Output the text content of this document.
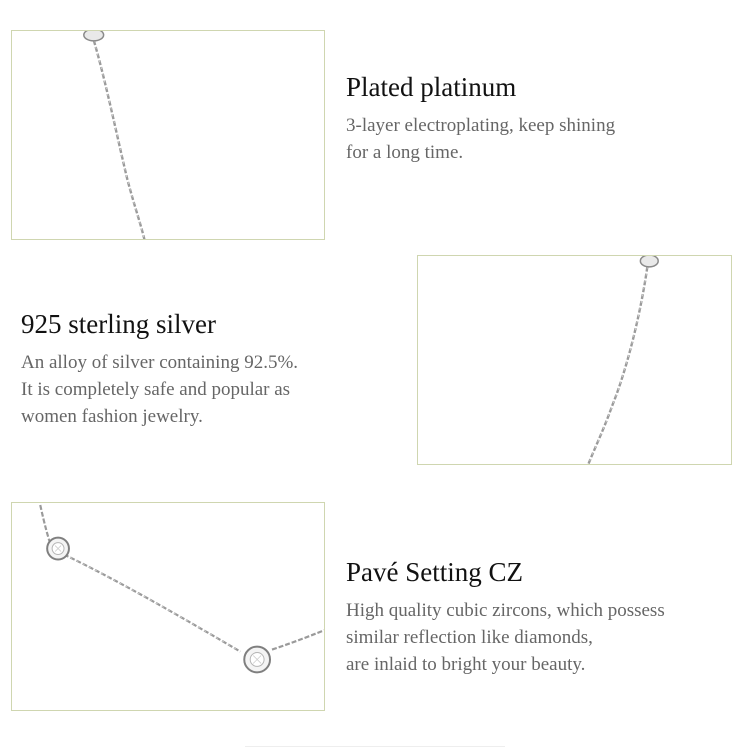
Plated platinum
3-layer electroplating, keep shining
for a long time.
925 sterling silver
An alloy of silver containing 92.5%.
It is completely safe and popular as
women fashion jewelry.
Pavé Setting CZ
High quality cubic zircons, which possess
similar reflection like diamonds,
are inlaid to bright your beauty.
